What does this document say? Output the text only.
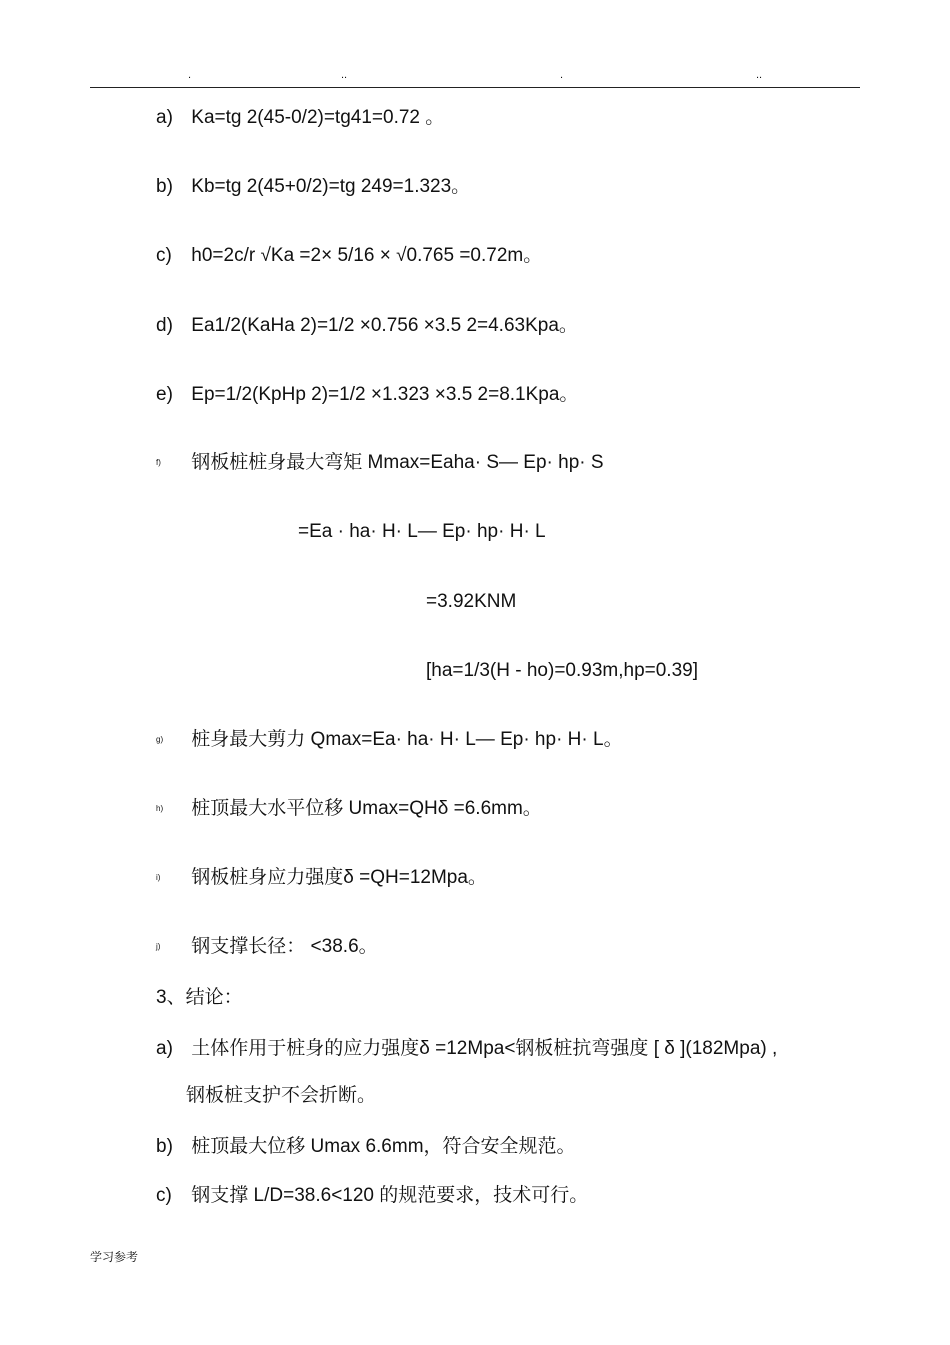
.	..	.	..
a) Ka=tg 2(45-0/2)=tg41=0.72 。
b) Kb=tg 2(45+0/2)=tg 249=1.323。
c) h0=2c/r √Ka =2× 5/16 × √0.765 =0.72m。
d) Ea1/2(KaHa 2)=1/2 ×0.756 ×3.5 2=4.63Kpa。
e) Ep=1/2(KpHp 2)=1/2 ×1.323 ×3.5 2=8.1Kpa。
f) 钢板桩桩身最大弯矩 Mmax=Eaha· S— Ep· hp· S
=Ea · ha· H· L— Ep· hp· H· L
=3.92KNM
[ha=1/3(H - ho)=0.93m,hp=0.39]
g) 桩身最大剪力 Qmax=Ea· ha· H· L— Ep· hp· H· L。
h) 桩顶最大水平位移 Umax=QHδ =6.6mm。
i) 钢板桩身应力强度δ =QH=12Mpa。
j) 钢支撑长径： <38.6。
3、结论：
a) 土体作用于桩身的应力强度δ =12Mpa<钢板桩抗弯强度 [ δ ](182Mpa) ,
钢板桩支护不会折断。
b) 桩顶最大位移 Umax 6.6mm，符合安全规范。
c) 钢支撑 L/D=38.6<120 的规范要求，技术可行。
学习参考
